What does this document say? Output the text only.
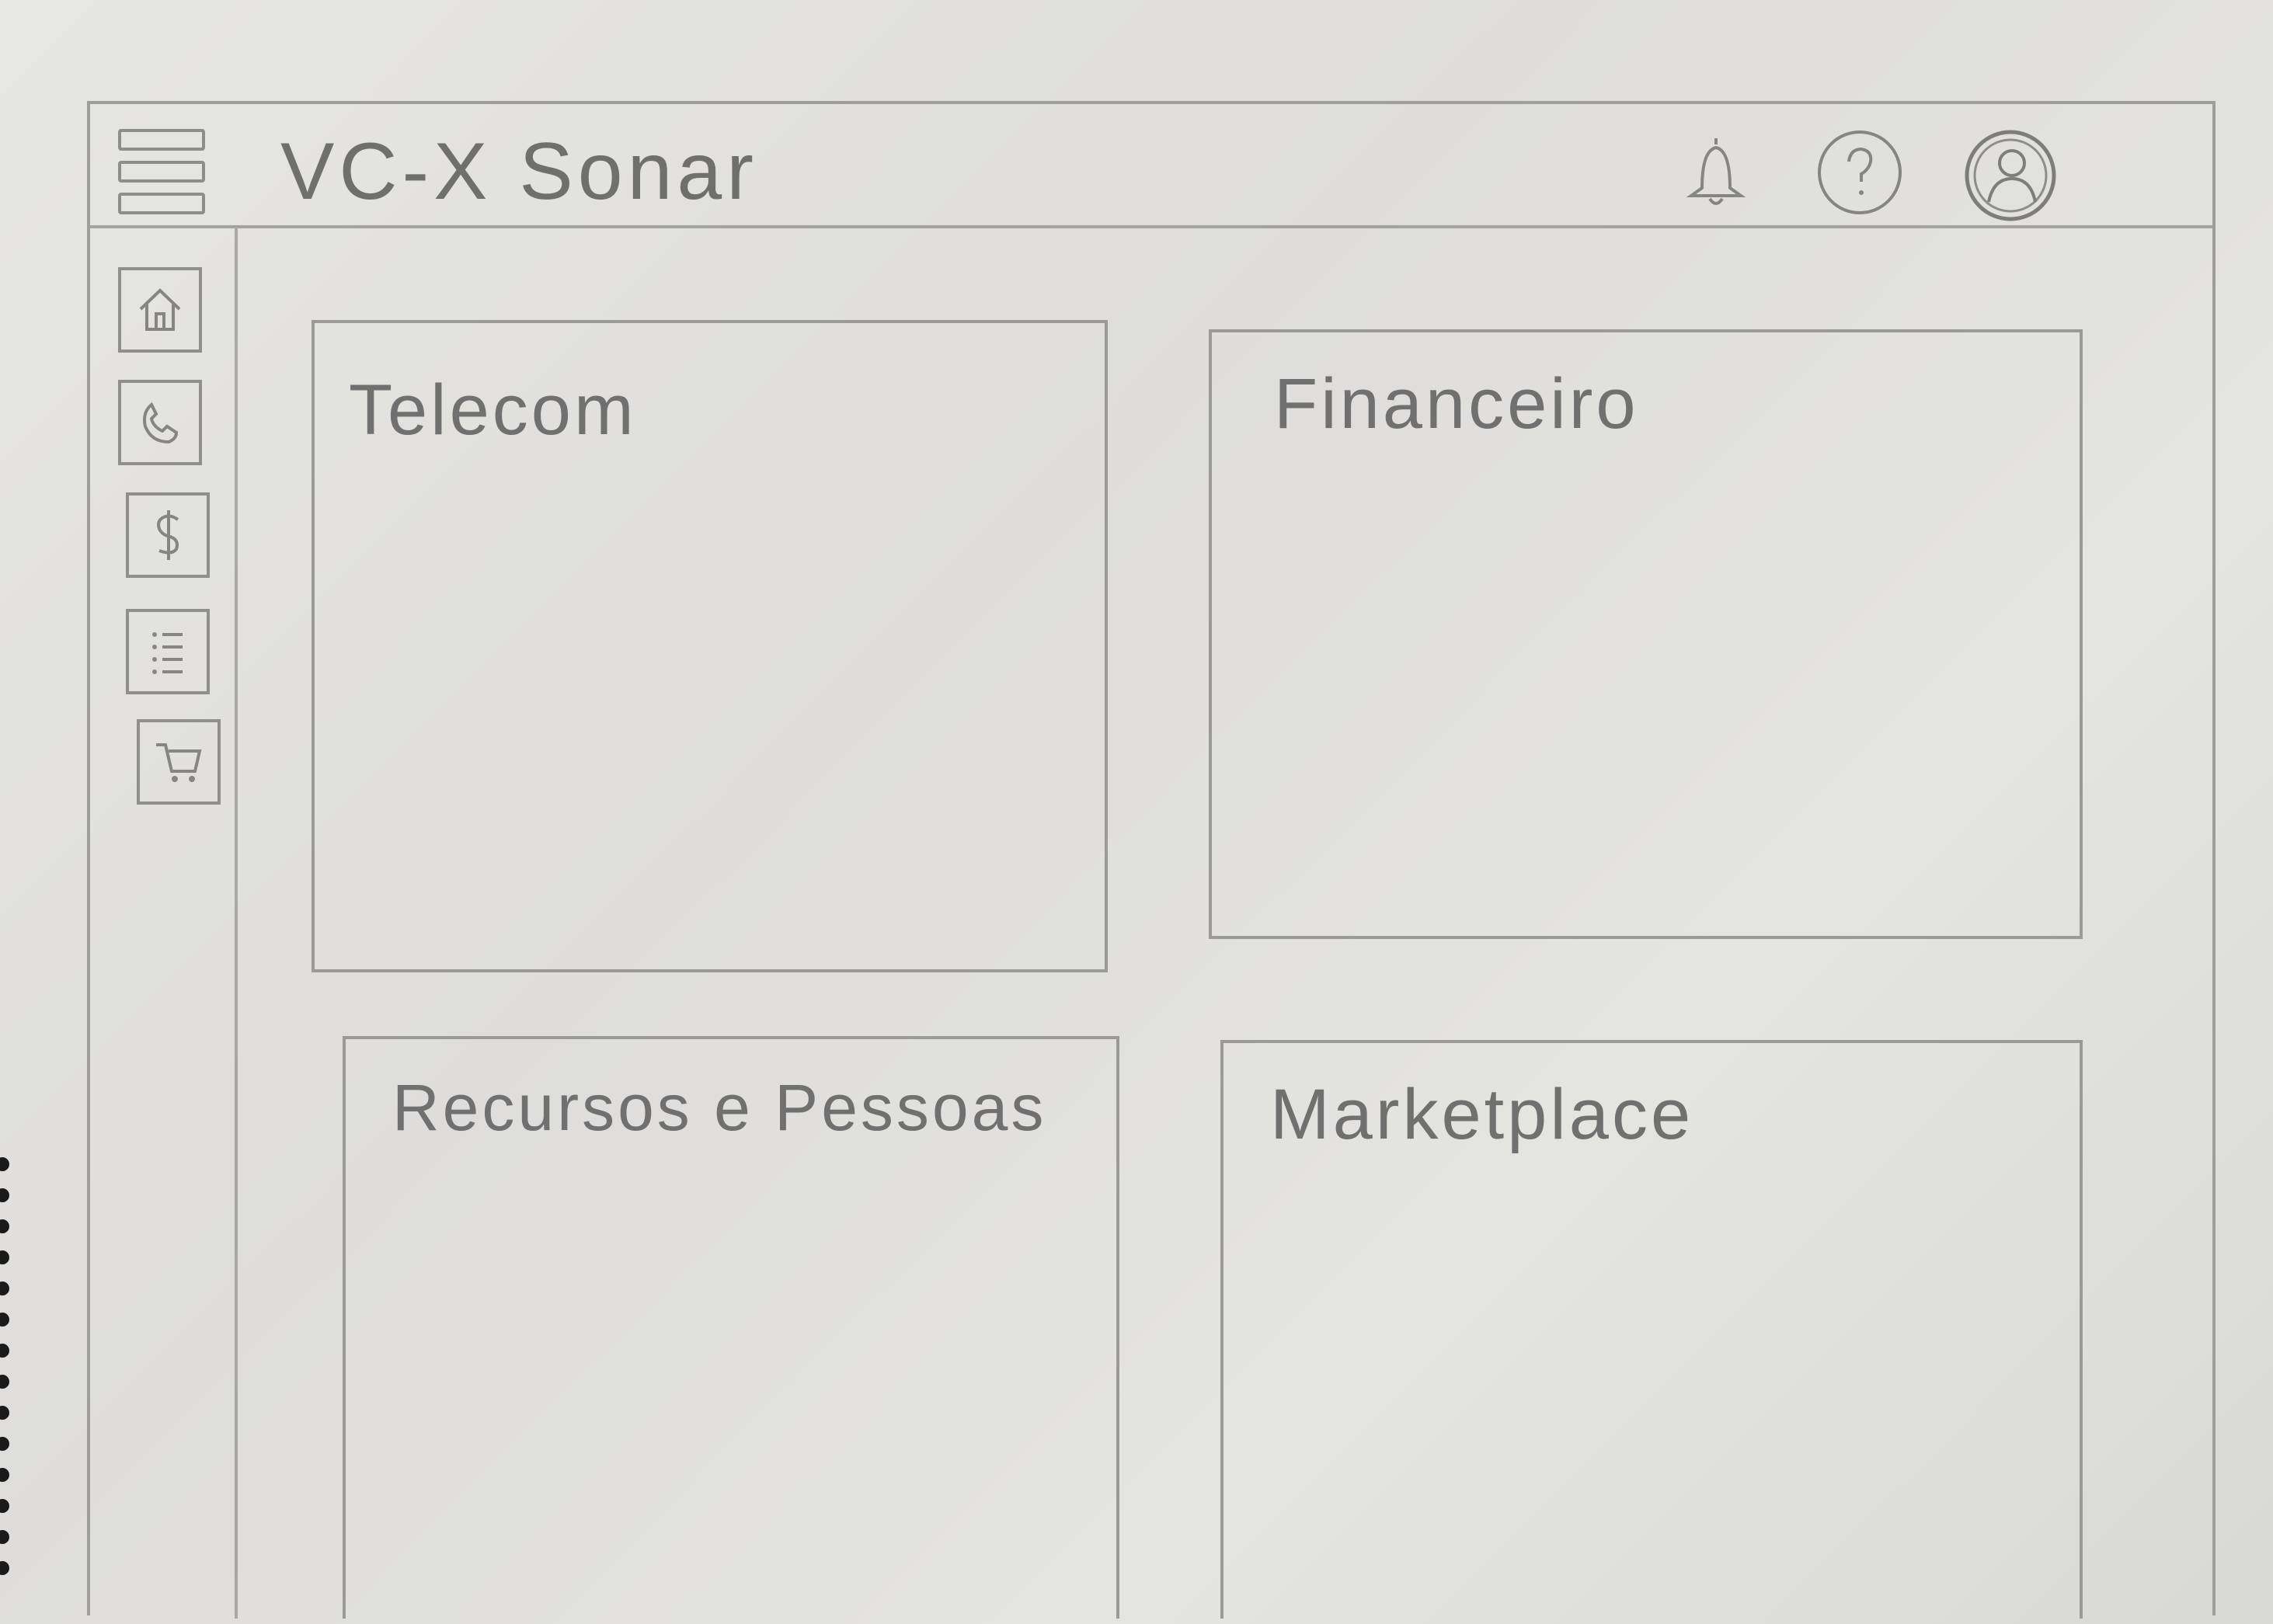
VC-X Sonar
Telecom	Financeiro
Recursos e Pessoas	Marketplace
